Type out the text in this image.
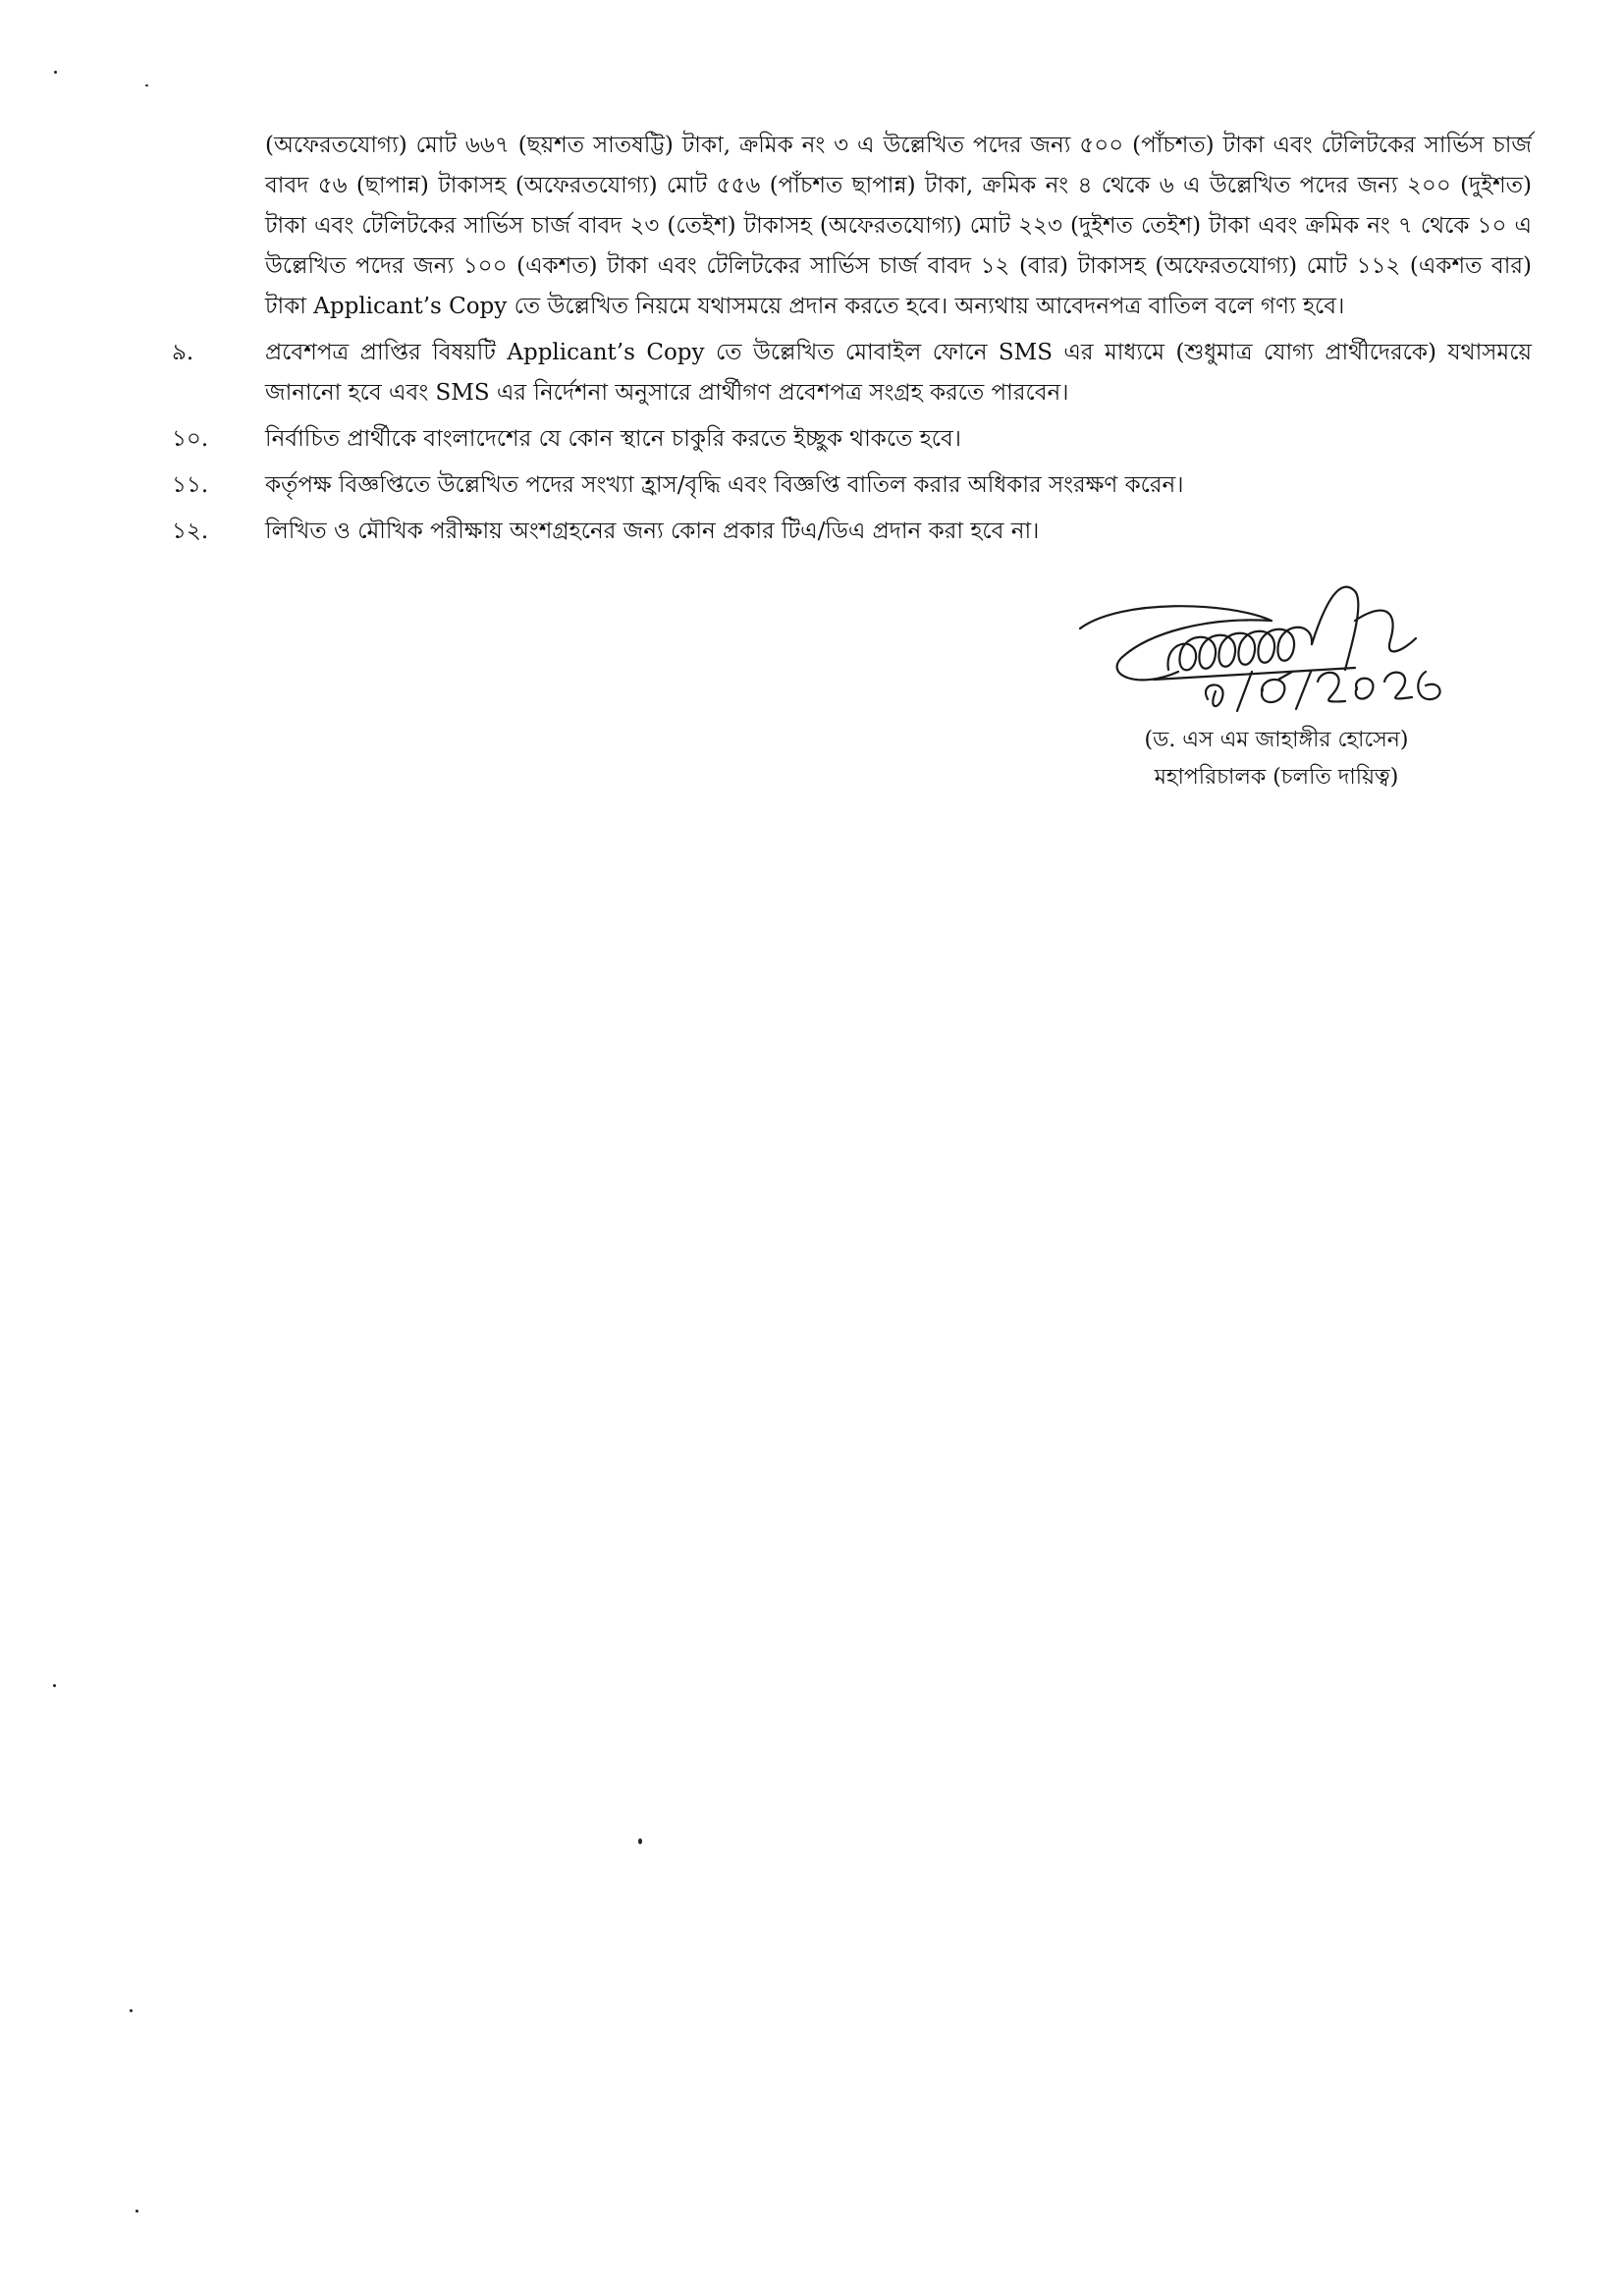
(অফেরতযোগ্য) মোট ৬৬৭ (ছয়শত সাতষট্টি) টাকা, ক্রমিক নং ৩ এ উল্লেখিত পদের জন্য ৫০০ (পাঁচশত) টাকা এবং টেলিটকের সার্ভিস চার্জ বাবদ ৫৬ (ছাপান্ন) টাকাসহ (অফেরতযোগ্য) মোট ৫৫৬ (পাঁচশত ছাপান্ন) টাকা, ক্রমিক নং ৪ থেকে ৬ এ উল্লেখিত পদের জন্য ২০০ (দুইশত) টাকা এবং টেলিটকের সার্ভিস চার্জ বাবদ ২৩ (তেইশ) টাকাসহ (অফেরতযোগ্য) মোট ২২৩ (দুইশত তেইশ) টাকা এবং ক্রমিক নং ৭ থেকে ১০ এ উল্লেখিত পদের জন্য ১০০ (একশত) টাকা এবং টেলিটকের সার্ভিস চার্জ বাবদ ১২ (বার) টাকাসহ (অফেরতযোগ্য) মোট ১১২ (একশত বার) টাকা Applicant’s Copy তে উল্লেখিত নিয়মে যথাসময়ে প্রদান করতে হবে। অন্যথায় আবেদনপত্র বাতিল বলে গণ্য হবে।

৯.	প্রবেশপত্র প্রাপ্তির বিষয়টি Applicant’s Copy তে উল্লেখিত মোবাইল ফোনে SMS এর মাধ্যমে (শুধুমাত্র যোগ্য প্রার্থীদেরকে) যথাসময়ে জানানো হবে এবং SMS এর নির্দেশনা অনুসারে প্রার্থীগণ প্রবেশপত্র সংগ্রহ করতে পারবেন।
১০.	নির্বাচিত প্রার্থীকে বাংলাদেশের যে কোন স্থানে চাকুরি করতে ইচ্ছুক থাকতে হবে।
১১.	কর্তৃপক্ষ বিজ্ঞপ্তিতে উল্লেখিত পদের সংখ্যা হ্রাস/বৃদ্ধি এবং বিজ্ঞপ্তি বাতিল করার অধিকার সংরক্ষণ করেন।
১২.	লিখিত ও মৌখিক পরীক্ষায় অংশগ্রহনের জন্য কোন প্রকার টিএ/ডিএ প্রদান করা হবে না।
(ড. এস এম জাহাঙ্গীর হোসেন)
মহাপরিচালক (চলতি দায়িত্ব)
